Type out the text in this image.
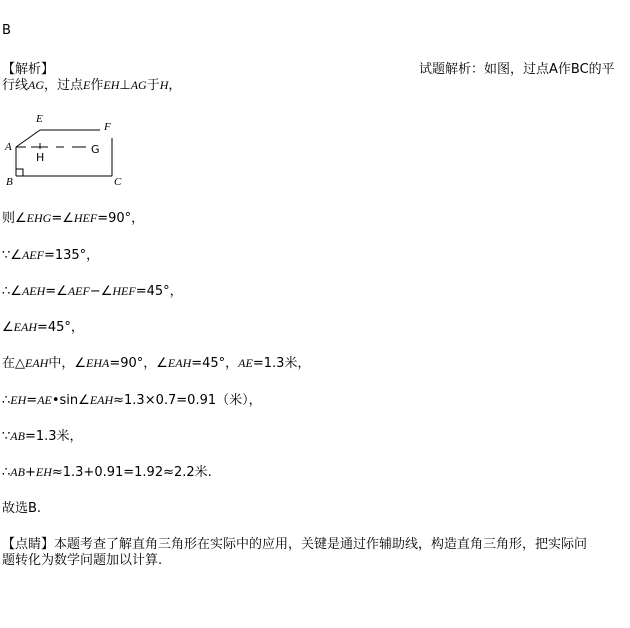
B
【解析】	试题解析：如图，过点A作BC的平
行线AG，过点E作EH⊥AG于H，
E
F
A
H
G
B	C
则∠EHG=∠HEF=90°，
∵∠AEF=135°，
∴∠AEH=∠AEF−∠HEF=45°，
∠EAH=45°，
在△EAH中，∠EHA=90°，∠EAH=45°，AE=1.3米，
∴EH=AE•sin∠EAH≈1.3×0.7=0.91（米），
∵AB=1.3米，
∴AB+EH≈1.3+0.91=1.92≈2.2米.
故选B.
【点睛】本题考查了解直角三角形在实际中的应用，关键是通过作辅助线，构造直角三角形，把实际问
题转化为数学问题加以计算.
